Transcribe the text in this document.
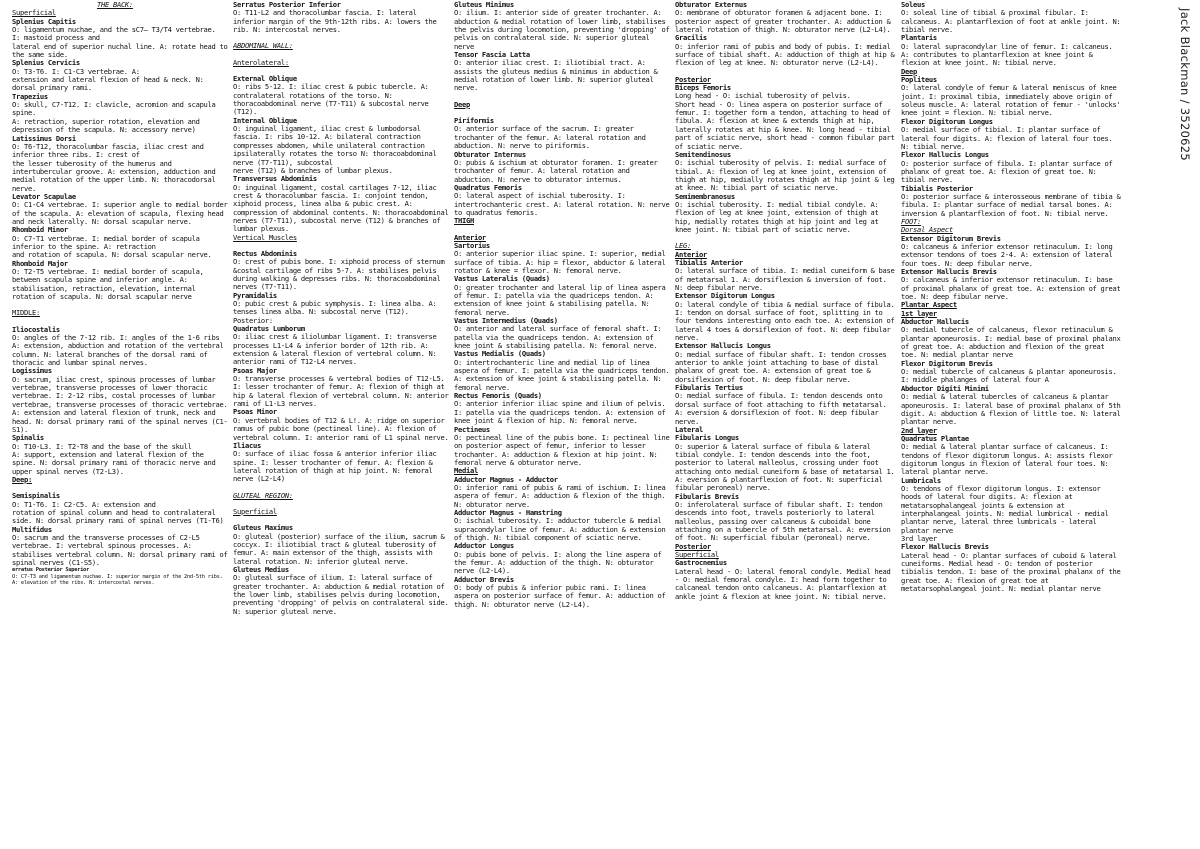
THE BACK:

Superficial

Splenius Capitis

O: ligamentum nuchae, and the sC7– T3/T4 vertebrae.

I: mastoid process and

lateral end of superior nuchal line. A: rotate head to the same side.

Splenius Cervicis

O: T3-T6. I: C1-C3 vertebrae. A:

extension and lateral flexion of head & neck. N: dorsal primary rami.

Trapezius

O: skull, C7-T12. I: clavicle, acromion and scapula spine.

A: retraction, superior rotation, elevation and depression of the scapula. N: accessory nerve)

Latissimus Dorsi

O: T6-T12, thoracolumbar fascia, iliac crest and inferior three ribs. I: crest of

the lesser tuberosity of the humerus and intertubercular groove. A: extension, adduction and medial rotation of the upper limb. N: thoracodorsal nerve.

Levator Scapulae

O: C1-C4 vertebrae. I: superior angle to medial border of the scapula. A: elevation of scapula, flexing head and neck laterally. N: dorsal scapular nerve.

Rhomboid Minor

O: C7-T1 vertebrae. I: medial border of scapula inferior to the spine. A: retraction

and rotation of scapula. N: dorsal scapular nerve.

Rhomboid Major

O: T2-T5 vertebrae. I: medial border of scapula, between scapula spine and inferior angle. A: stabilisation, retraction, elevation, internal rotation of scapula. N: dorsal scapular nerve

MIDDLE:

Iliocostalis

O: angles of the 7-12 rib. I: angles of the 1-6 ribs

A: extension, abduction and rotation of the vertebral column. N: lateral branches of the dorsal rami of thoracic and lumbar spinal nerves.

Logissimus

O: sacrum, iliac crest, spinous processes of lumbar vertebrae, transverse processes of lower thoracic vertebrae. I: 2-12 ribs, costal processes of lumbar vertebrae, transverse processes of thoracic vertebrae. A: extension and lateral flexion of trunk, neck and head. N: dorsal primary rami of the spinal nerves (C1-S1).

Spinalis

O: T10-L3. I: T2-T8 and the base of the skull

A: support, extension and lateral flexion of the spine. N: dorsal primary rami of thoracic nerve and upper spinal nerves (T2-L3).

Deep:

Semispinalis

O: T1-T6. I: C2-C5. A: extension and

rotation of spinal column and head to contralateral side. N: dorsal primary rami of spinal nerves (T1-T6)

Multifidus

O: sacrum and the transverse processes of C2-L5 vertebrae. I: vertebral spinous processes. A: stabilises vertebral column. N: dorsal primary rami of spinal nerves (C1-S5).

erratus Posterior Superior

O: C7-T3 and ligamentum nuchae. I: superior margin of the 2nd-5th ribs. A: elevation of the ribs. N: intercostal nerves.

Serratus Posterior Inferior

O: T11-L2 and thoracolumbar fascia. I: lateral inferior margin of the 9th-12th ribs. A: lowers the rib. N: intercostal nerves.

ABDOMINAL WALL:

Anterolateral:

External Oblique

O: ribs 5-12. I: iliac crest & pubic tubercle. A: contralateral rotations of the torso. N: thoracoabdominal nerve (T7-T11) & subcostal nerve (T12).

Internal Oblique

O: inguinal ligament, iliac crest & lumbodorsal fascia. I: ribs 10-12. A: bilateral contraction compresses abdomen, while unilateral contraction ipsilaterally rotates the torso N: thoracoabdominal nerve (T7-T11), subcostal

nerve (T12) & branches of lumbar plexus.

Transversus Abdominis

O: inguinal ligament, costal cartilages 7-12, iliac crest & thoracolumbar fascia. I: conjoint tendon, xiphoid process, linea alba & pubic crest. A: compression of abdominal contents. N: thoracoabdominal nerves (T7-T11), subcostal nerve (T12) & branches of lumbar plexus.

Vertical Muscles

Rectus Abdominis

O: crest of pubis bone. I: xiphoid process of sternum &costal cartilage of ribs 5-7. A: stabilises pelvis during walking & depresses ribs. N: thoracoabdominal nerves (T7-T11).

Pyramidalis

O: pubic crest & pubic symphysis. I: linea alba. A: tenses linea alba. N: subcostal nerve (T12).

Posterior:

Quadratus Lumborum

O: iliac crest & iliolumbar ligament. I: transverse processes L1-L4 & inferior border of 12th rib. A: extension & lateral flexion of vertebral column. N: anterior rami of T12-L4 nerves.

Psoas Major

O: transverse processes & vertebral bodies of T12-L5. I: lesser trochanter of femur. A: flexion of thigh at hip & lateral flexion of vertebral column. N: anterior rami of L1-L3 nerves.

Psoas Minor

O: vertebral bodies of T12 & L!. A: ridge on superior ramus of pubic bone (pectineal line). A: flexion of vertebral column. I: anterior rami of L1 spinal nerve.

Iliacus

O: surface of iliac fossa & anterior inferior iliac spine. I: lesser trochanter of femur. A: flexion & lateral rotation of thigh at hip joint. N: femoral nerve (L2-L4)

GLUTEAL REGION:

Superficial

Gluteus Maximus

O: gluteal (posterior) surface of the ilium, sacrum & coccyx. I: iliotibial tract & gluteal tuberosity of femur. A: main extensor of the thigh, assists with lateral rotation. N: inferior gluteal nerve.

Gluteus Medius

O: gluteal surface of ilium. I: lateral surface of greater trochanter. A: abduction & medial rotation of the lower limb, stabilises pelvis during locomotion, preventing 'dropping' of pelvis on contralateral side. N: superior gluteal nerve.

Gluteus Minimus

O: ilium. I: anterior side of greater trochanter. A: abduction & medial rotation of lower limb, stabilises the pelvis during locomotion, preventing 'dropping' of pelvis on contralateral side. N: superior gluteal nerve

Tensor Fascia Latta

O: anterior iliac crest. I: iliotibial tract. A: assists the gluteus medius & minimus in abduction & medial rotation of lower limb. N: superior gluteal nerve.

Deep

Piriformis

O: anterior surface of the sacrum. I: greater trochanter of the femur. A: lateral rotation and abduction. N: nerve to piriformis.

Obturator Internus

O: pubis & ischium at obturator foramen. I: greater trochanter of femur. A: lateral rotation and abduction. N: nerve to obturator internus.

Quadratus Femoris

O: lateral aspect of ischial tuberosity. I: intertrochanteric crest. A: lateral rotation. N: nerve to quadratus femoris.

THIGH

Anterior

Sartorius

O: anterior superior iliac spine. I: superior, medial surface of tibia. A: hip = flexor, abductor & lateral rotator & knee = flexor. N: femoral nerve.

Vastus Lateralis (Quads)

O: greater trochanter and lateral lip of linea aspera of femur. I: patella via the quadriceps tendon. A: extension of knee joint & stabilising patella. N: femoral nerve.

Vastus Intermedius (Quads)

O: anterior and lateral surface of femoral shaft. I: patella via the quadriceps tendon. A: extension of knee joint & stabilising patella. N: femoral nerve.

Vastus Medialis (Quads)

O: intertrochanteric line and medial lip of linea aspera of femur. I: patella via the quadriceps tendon. A: extension of knee joint & stabilising patella. N: femoral nerve.

Rectus Femoris (Quads)

O: anterior inferior iliac spine and ilium of pelvis. I: patella via the quadriceps tendon. A: extension of knee joint & flexion of hip. N: femoral nerve.

Pectineus

O: pectineal line of the pubis bone. I: pectineal line on posterior aspect of femur, inferior to lesser trochanter. A: adduction & flexion at hip joint. N: femoral nerve & obturator nerve.

Medial

Adductor Magnus - Adductor

O: inferior rami of pubis & rami of ischium. I: linea aspera of femur. A: adduction & flexion of the thigh. N: obturator nerve.

Adductor Magnus - Hamstring

O: ischial tuberosity. I: adductor tubercle & medial supracondylar line of femur. A: adduction & extension of thigh. N: tibial component of sciatic nerve.

Adductor Longus

O: pubis bone of pelvis. I: along the line aspera of the femur. A: adduction of the thigh. N: obturator nerve (L2-L4).

Adductor Brevis

O: body of pubis & inferior pubic rami. I: linea aspera on posterior surface of femur. A: adduction of thigh. N: obturator nerve (L2-L4).

Obturator Externus

O: membrane of obturator foramen & adjacent bone. I: posterior aspect of greater trochanter. A: adduction & lateral rotation of thigh. N: obturator nerve (L2-L4).

Gracilis

O: inferior rami of pubis and body of pubis. I: medial surface of tibial shaft. A: adduction of thigh at hip & flexion of leg at knee. N: obturator nerve (L2-L4).

Posterior

Biceps Femoris

Long head - O: ischial tuberosity of pelvis.

Short head - O: linea aspera on posterior surface of femur. I: together form a tendon, attaching to head of fibula. A: flexion at knee & extends thigh at hip, laterally rotates at hip & knee. N: long head - tibial part of sciatic nerve, short head - common fibular part of sciatic nerve.

Semitendinosus

O: ischial tuberosity of pelvis. I: medial surface of tibial. A: flexion of leg at knee joint, extension of thigh at hip, medially rotates thigh at hip joint & leg at knee. N: tibial part of sciatic nerve.

Semimembranosus

O: ischial tuberosity. I: medial tibial condyle. A: flexion of leg at knee joint, extension of thigh at hip, medially rotates thigh at hip joint and leg at knee joint. N: tibial part of sciatic nerve.

LEG:

Anterior

Tibialis Anterior

O: lateral surface of tibia. I: medial cuneiform & base of metatarsal 1. A: dorsiflexion & inversion of foot. N: deep fibular nerve.

Extensor Digitorum Longus

O: lateral condyle of tibia & medial surface of fibula. I: tendon on dorsal surface of foot, splitting in to four tendons interesting onto each toe. A: extension of lateral 4 toes & dorsiflexion of foot. N: deep fibular nerve.

Extensor Hallucis Longus

O: medial surface of fibular shaft. I: tendon crosses anterior to ankle joint attaching to base of distal phalanx of great toe. A: extension of great toe & dorsiflexion of foot. N: deep fibular nerve.

Fibularis Tertius

O: medial surface of fibula. I: tendon descends onto dorsal surface of foot attaching to fifth metatarsal. A: eversion & dorsiflexion of foot. N: deep fibular nerve.

Lateral

Fibularis Longus

O: superior & lateral surface of fibula & lateral tibial condyle. I: tendon descends into the foot, posterior to lateral malleolus, crossing under foot attaching onto medial cuneiform & base of metatarsal 1. A: eversion & plantarflexion of foot. N: superficial fibular peroneal) nerve.

Fibularis Brevis

O: inferolateral surface of fibular shaft. I: tendon descends into foot, travels posteriorly to lateral malleolus, passing over calcaneus & cuboidal bone attaching on a tubercle of 5th metatarsal. A: eversion of foot. N: superficial fibular (peroneal) nerve.

Posterior

Superficial

Gastrocnemius

Lateral head - O: lateral femoral condyle. Medial head - O: medial femoral condyle. I: head form together to calcaneal tendon onto calcaneus. A: plantarflexion at ankle joint & flexion at knee joint. N: tibial nerve.

Soleus

O: soleal line of tibial & proximal fibular. I: calcaneus. A: plantarflexion of foot at ankle joint. N: tibial nerve.

Plantaris

O: lateral supracondylar line of femur. I: calcaneus. A: contributes to plantarflexion at knee joint & flexion at knee joint. N: tibial nerve.

Deep

Popliteus

O: lateral condyle of femur & lateral meniscus of knee joint. I: proximal tibia, immediately above origin of soleus muscle. A: lateral rotation of femur - 'unlocks' knee joint = flexion. N: tibial nerve.

Flexor Digitorum Longus

O: medial surface of tibial. I: plantar surface of lateral four digits. A: flexion of lateral four toes. N: tibial nerve.

Flexor Hallucis Longus

O: posterior surface of fibula. I: plantar surface of phalanx of great toe. A: flexion of great toe. N: tibial nerve.

Tibialis Posterior

O: posterior surface & interosseous membrane of tibia & fibula. I: plantar surface of medial tarsal bones. A: inversion & plantarflexion of foot. N: tibial nerve.

FOOT:

Dorsal Aspect

Extensor Digitorum Brevis

O: calcaneus & inferior extensor retinaculum. I: long extensor tendons of toes 2-4. A: extension of lateral four toes. N: deep fibular nerve.

Extensor Hallucis Brevis

O: calcaneus & inferior extensor retinaculum. I: base of proximal phalanx of great toe. A: extension of great toe. N: deep fibular nerve.

Plantar Aspect

1st layer

Abductor Hallucis

O: medial tubercle of calcaneus, flexor retinaculum & plantar aponeurosis. I: medial base of proximal phalanx of great toe. A: abduction and flexion of the great toe. N: medial plantar nerve

Flexor Digitorum Brevis

O: medial tubercle of calcaneus & plantar aponeurosis. I: middle phalanges of lateral four A

Abductor Digiti Minimi

O: medial & lateral tubercles of calcaneus & plantar aponeurosis. I: lateral base of proximal phalanx of 5th digit. A: abduction & flexion of little toe. N: lateral plantar nerve.

2nd layer

Quadratus Plantae

O: medial & lateral plantar surface of calcaneus. I: tendons of flexor digitorum longus. A: assists flexor digitorum longus in flexion of lateral four toes. N: lateral plantar nerve.

Lumbricals

O: tendons of flexor digitorum longus. I: extensor hoods of lateral four digits. A: flexion at metatarsophalangeal joints & extension at interphalangeal joints. N: medial lumbrical - medial plantar nerve, lateral three lumbricals - lateral plantar nerve

3rd layer

Flexor Hallucis Brevis

Lateral head - O: plantar surfaces of cuboid & lateral cuneiforms. Medial head - O: tendon of posterior tibialis tendon. I: base of the proximal phalanx of the great toe. A: flexion of great toe at metatarsophalangeal joint. N: medial plantar nerve

Jack Blackman / 3520625
